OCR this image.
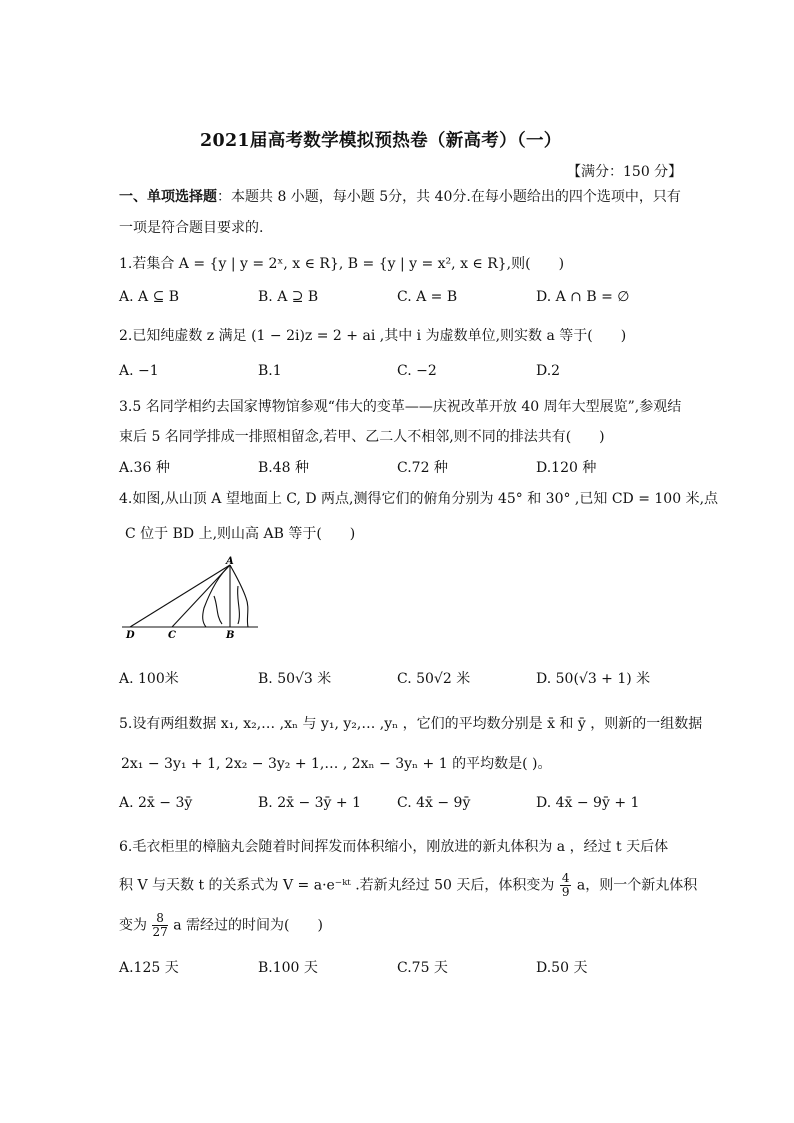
2021届高考数学模拟预热卷（新高考）（一）
【满分：150 分】
一、单项选择题：本题共 8 小题，每小题 5分，共 40分.在每小题给出的四个选项中，只有
一项是符合题目要求的.
1.若集合 A = {y | y = 2ˣ, x ∈ R}, B = {y | y = x², x ∈ R},则(　　)
A. A ⊆ B	B. A ⊇ B	C. A = B	D. A ∩ B = ∅
2.已知纯虚数 z 满足 (1 − 2i)z = 2 + ai ,其中 i 为虚数单位,则实数 a 等于(　　)
A. −1	B.1	C. −2	D.2
3.5 名同学相约去国家博物馆参观“伟大的变革——庆祝改革开放 40 周年大型展览”,参观结
束后 5 名同学排成一排照相留念,若甲、乙二人不相邻,则不同的排法共有(　　)
A.36 种	B.48 种	C.72 种	D.120 种
4.如图,从山顶 A 望地面上 C, D 两点,测得它们的俯角分别为 45° 和 30° ,已知 CD = 100 米,点
C 位于 BD 上,则山高 AB 等于(　　)
A
D	C	B
A. 100米	B. 50√3 米	C. 50√2 米	D. 50(√3 + 1) 米
5.设有两组数据 x₁, x₂,… ,xₙ 与 y₁, y₂,… ,yₙ ，它们的平均数分别是 x̄ 和 ȳ ，则新的一组数据
2x₁ − 3y₁ + 1, 2x₂ − 3y₂ + 1,… , 2xₙ − 3yₙ + 1 的平均数是( )。
A. 2x̄ − 3ȳ	B. 2x̄ − 3ȳ + 1	C. 4x̄ − 9ȳ	D. 4x̄ − 9ȳ + 1
6.毛衣柜里的樟脑丸会随着时间挥发而体积缩小，刚放进的新丸体积为 a ，经过 t 天后体
积 V 与天数 t 的关系式为 V = a·e⁻ᵏᵗ .若新丸经过 50 天后，体积变为 $\frac{4}{9}$ a，则一个新丸体积
变为 $\frac{8}{27}$ a 需经过的时间为(　　)
A.125 天	B.100 天	C.75 天	D.50 天
